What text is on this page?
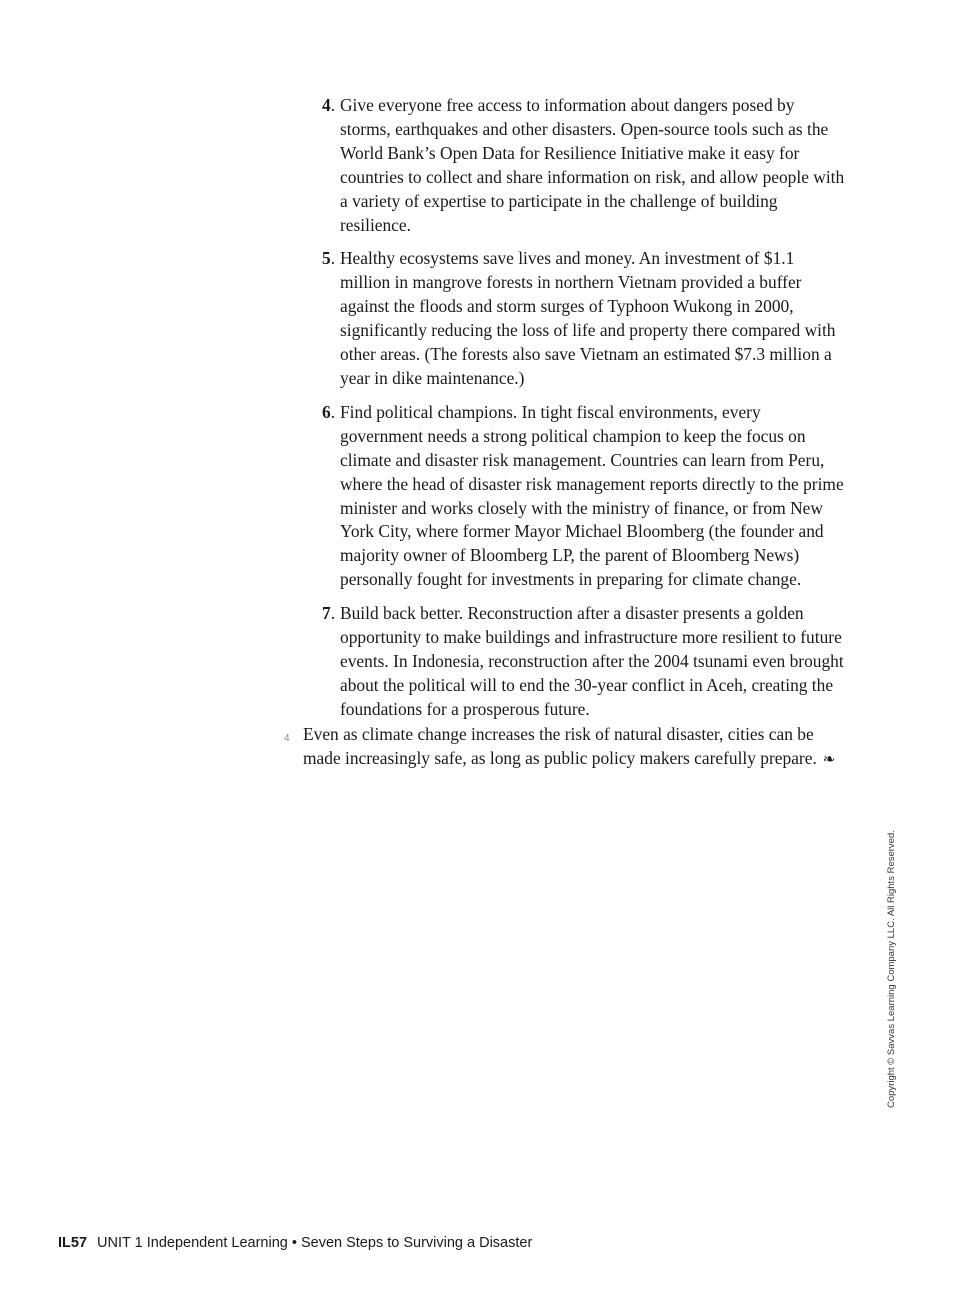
4. Give everyone free access to information about dangers posed by storms, earthquakes and other disasters. Open-source tools such as the World Bank’s Open Data for Resilience Initiative make it easy for countries to collect and share information on risk, and allow people with a variety of expertise to participate in the challenge of building resilience.
5. Healthy ecosystems save lives and money. An investment of $1.1 million in mangrove forests in northern Vietnam provided a buffer against the floods and storm surges of Typhoon Wukong in 2000, significantly reducing the loss of life and property there compared with other areas. (The forests also save Vietnam an estimated $7.3 million a year in dike maintenance.)
6. Find political champions. In tight fiscal environments, every government needs a strong political champion to keep the focus on climate and disaster risk management. Countries can learn from Peru, where the head of disaster risk management reports directly to the prime minister and works closely with the ministry of finance, or from New York City, where former Mayor Michael Bloomberg (the founder and majority owner of Bloomberg LP, the parent of Bloomberg News) personally fought for investments in preparing for climate change.
7. Build back better. Reconstruction after a disaster presents a golden opportunity to make buildings and infrastructure more resilient to future events. In Indonesia, reconstruction after the 2004 tsunami even brought about the political will to end the 30-year conflict in Aceh, creating the foundations for a prosperous future.
4 Even as climate change increases the risk of natural disaster, cities can be made increasingly safe, as long as public policy makers carefully prepare. ❧
Copyright © Savvas Learning Company LLC. All Rights Reserved.
IL57 UNIT 1 Independent Learning • Seven Steps to Surviving a Disaster
